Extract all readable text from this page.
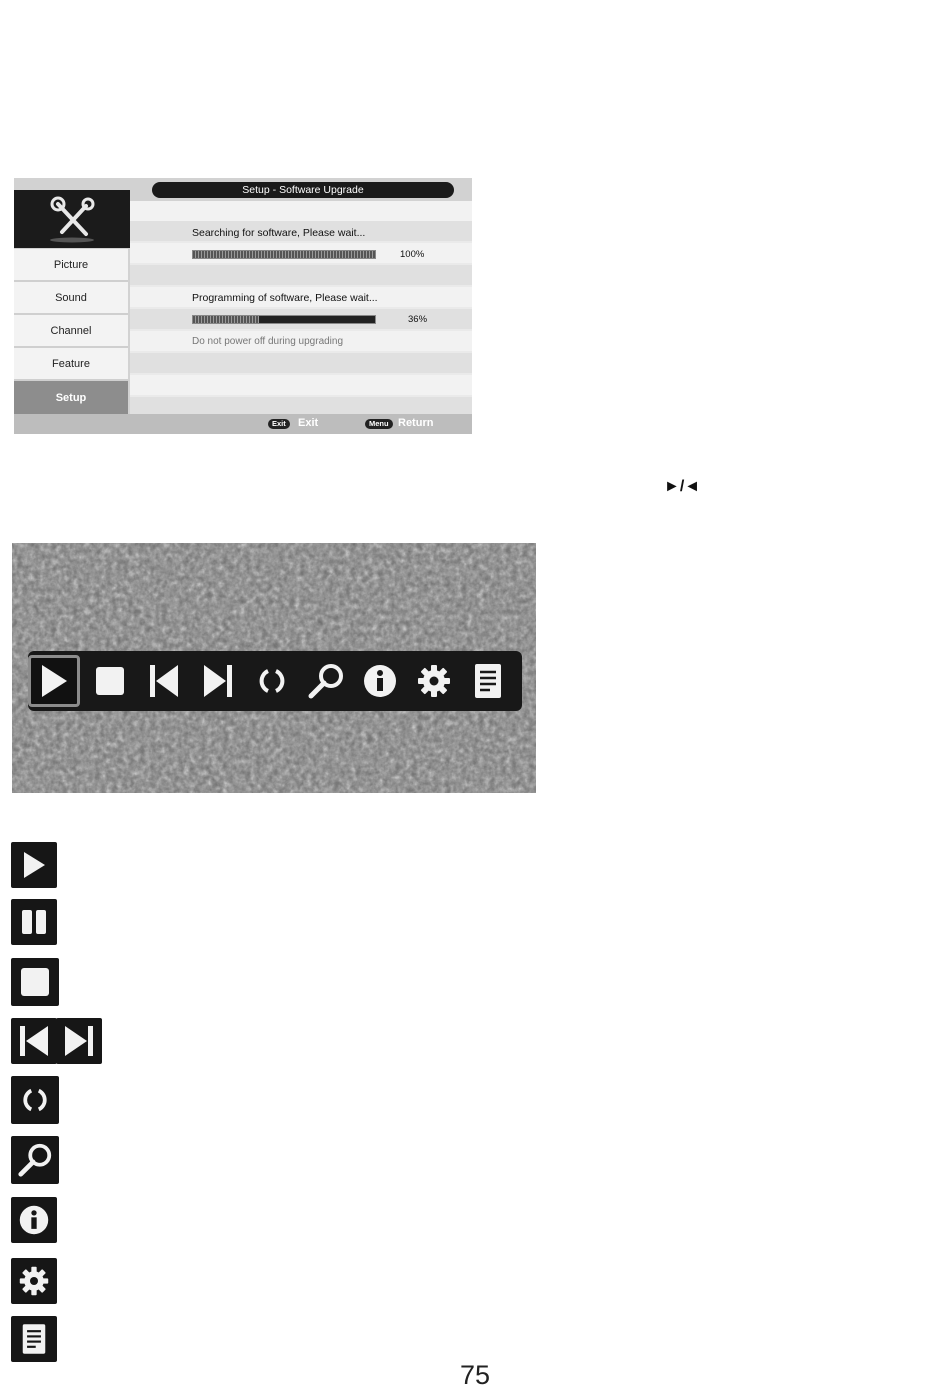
Setup - Software Upgrade
Picture
Sound
Channel
Feature
Setup
Searching for software, Please wait...
100%
Programming of software, Please wait...
36%
Do not power off during upgrading
Exit	Exit	Menu Return
►/◄
75
